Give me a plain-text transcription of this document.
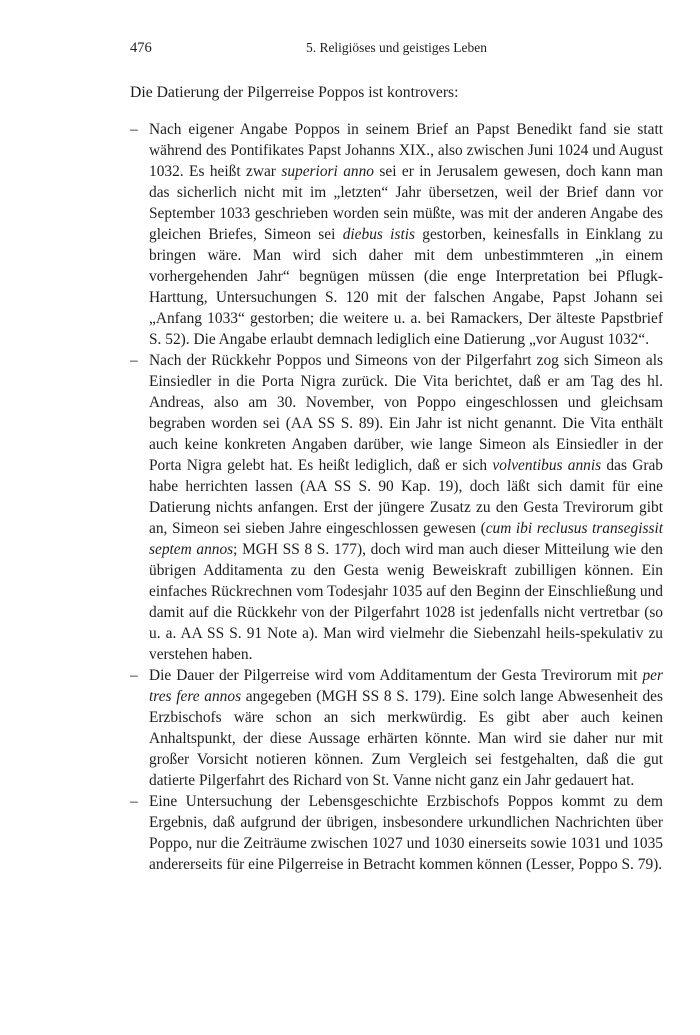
476	5. Religiöses und geistiges Leben

Die Datierung der Pilgerreise Poppos ist kontrovers:

– Nach eigener Angabe Poppos in seinem Brief an Papst Benedikt fand sie statt während des Pontifikates Papst Johanns XIX., also zwischen Juni 1024 und August 1032. Es heißt zwar superiori anno sei er in Jerusalem gewesen, doch kann man das sicherlich nicht mit im „letzten“ Jahr übersetzen, weil der Brief dann vor September 1033 geschrieben worden sein müßte, was mit der anderen Angabe des gleichen Briefes, Simeon sei diebus istis gestorben, keinesfalls in Einklang zu bringen wäre. Man wird sich daher mit dem unbestimmteren „in einem vorhergehenden Jahr“ begnügen müssen (die enge Interpretation bei Pflugk-Harttung, Untersuchungen S. 120 mit der falschen Angabe, Papst Johann sei „Anfang 1033“ gestorben; die weitere u. a. bei Ramackers, Der älteste Papstbrief S. 52). Die Angabe erlaubt demnach lediglich eine Datierung „vor August 1032“.
– Nach der Rückkehr Poppos und Simeons von der Pilgerfahrt zog sich Simeon als Einsiedler in die Porta Nigra zurück. Die Vita berichtet, daß er am Tag des hl. Andreas, also am 30. November, von Poppo eingeschlossen und gleichsam begraben worden sei (AA SS S. 89). Ein Jahr ist nicht genannt. Die Vita enthält auch keine konkreten Angaben darüber, wie lange Simeon als Einsiedler in der Porta Nigra gelebt hat. Es heißt lediglich, daß er sich volventibus annis das Grab habe herrichten lassen (AA SS S. 90 Kap. 19), doch läßt sich damit für eine Datierung nichts anfangen. Erst der jüngere Zusatz zu den Gesta Trevirorum gibt an, Simeon sei sieben Jahre eingeschlossen gewesen (cum ibi reclusus transegissit septem annos; MGH SS 8 S. 177), doch wird man auch dieser Mitteilung wie den übrigen Additamenta zu den Gesta wenig Beweiskraft zubilligen können. Ein einfaches Rückrechnen vom Todesjahr 1035 auf den Beginn der Einschließung und damit auf die Rückkehr von der Pilgerfahrt 1028 ist jedenfalls nicht vertretbar (so u. a. AA SS S. 91 Note a). Man wird vielmehr die Siebenzahl heils-spekulativ zu verstehen haben.
– Die Dauer der Pilgerreise wird vom Additamentum der Gesta Trevirorum mit per tres fere annos angegeben (MGH SS 8 S. 179). Eine solch lange Abwesenheit des Erzbischofs wäre schon an sich merkwürdig. Es gibt aber auch keinen Anhaltspunkt, der diese Aussage erhärten könnte. Man wird sie daher nur mit großer Vorsicht notieren können. Zum Vergleich sei festgehalten, daß die gut datierte Pilgerfahrt des Richard von St. Vanne nicht ganz ein Jahr gedauert hat.
– Eine Untersuchung der Lebensgeschichte Erzbischofs Poppos kommt zu dem Ergebnis, daß aufgrund der übrigen, insbesondere urkundlichen Nachrichten über Poppo, nur die Zeiträume zwischen 1027 und 1030 einerseits sowie 1031 und 1035 andererseits für eine Pilgerreise in Betracht kommen können (Lesser, Poppo S. 79).
